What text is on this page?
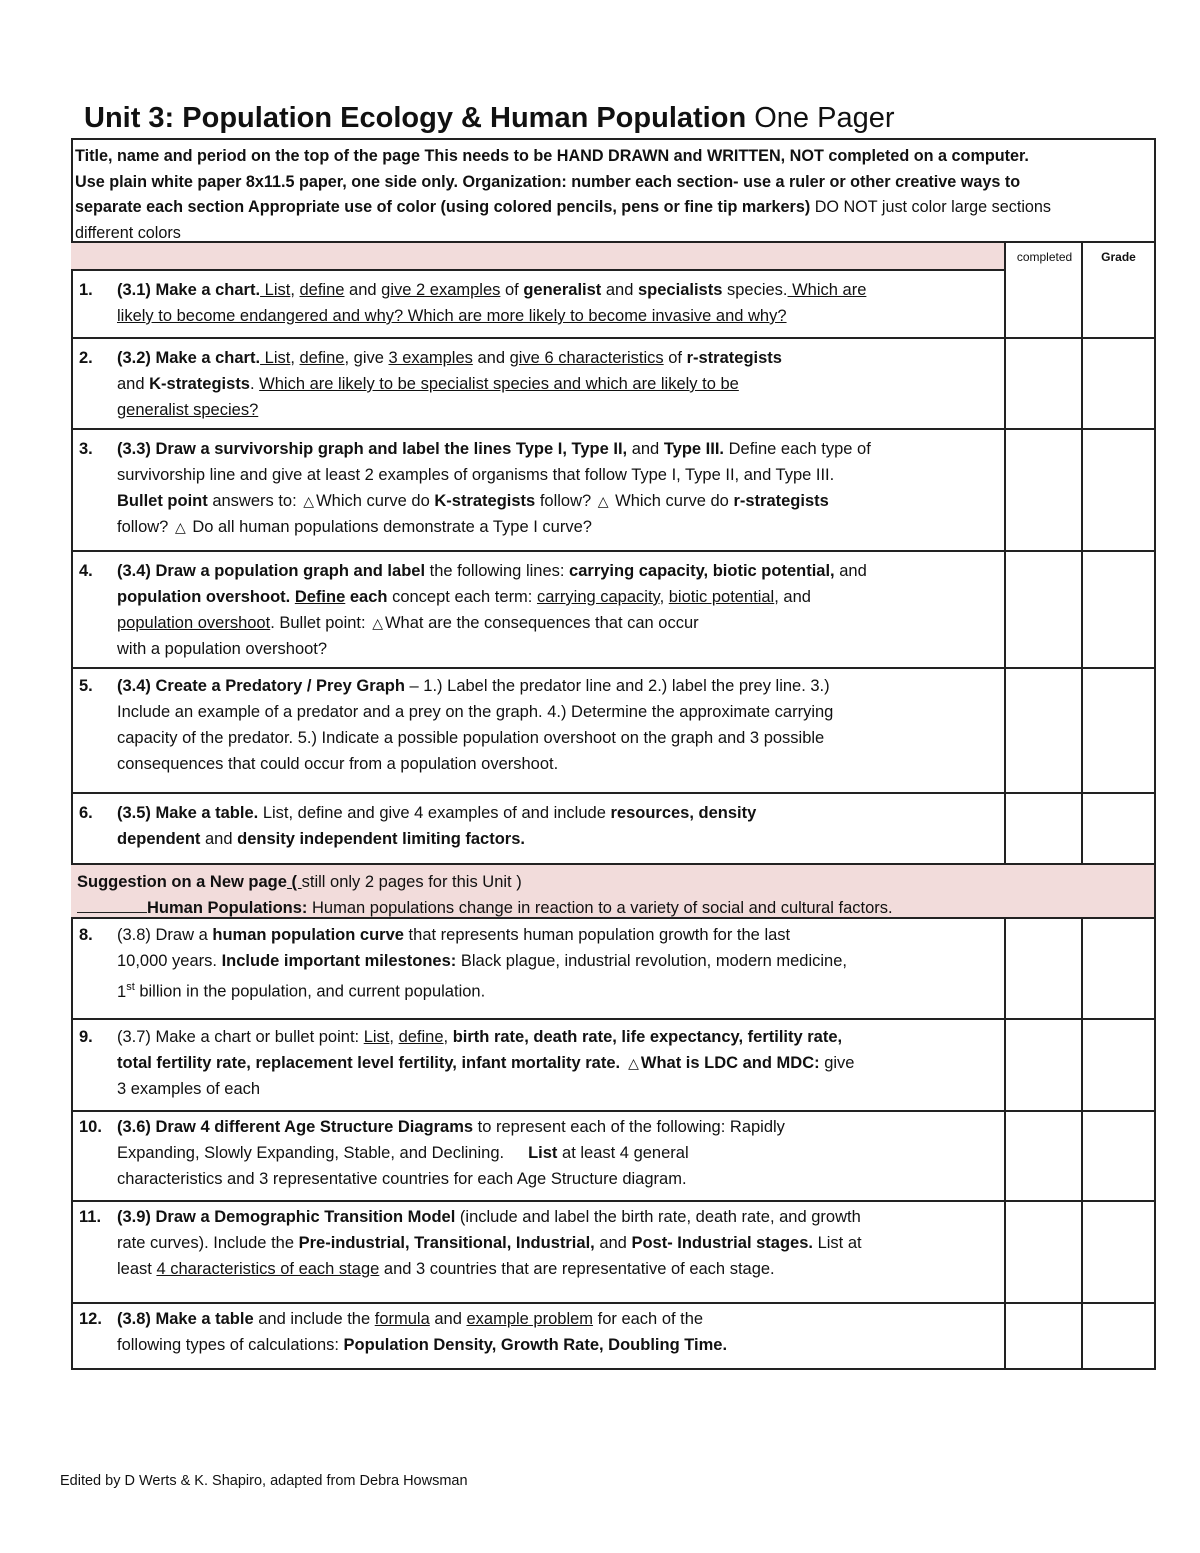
Unit 3: Population Ecology & Human Population One Pager
Title, name and period on the top of the page This needs to be HAND DRAWN and WRITTEN, NOT completed on a computer.
Use plain white paper 8x11.5 paper, one side only. Organization: number each section- use a ruler or other creative ways to
separate each section Appropriate use of color (using colored pencils, pens or fine tip markers) DO NOT just color large sections
different colors
completed	Grade
1. (3.1) Make a chart. List, define and give 2 examples of generalist and specialists species. Which are
likely to become endangered and why? Which are more likely to become invasive and why?
2. (3.2) Make a chart. List, define, give 3 examples and give 6 characteristics of r-strategists
and K-strategists. Which are likely to be specialist species and which are likely to be
generalist species?
3. (3.3) Draw a survivorship graph and label the lines Type I, Type II, and Type III. Define each type of
survivorship line and give at least 2 examples of organisms that follow Type I, Type II, and Type III.
Bullet point answers to: △ Which curve do K-strategists follow? △ Which curve do r-strategists
follow? △ Do all human populations demonstrate a Type I curve?
4. (3.4) Draw a population graph and label the following lines: carrying capacity, biotic potential, and
population overshoot. Define each concept each term: carrying capacity, biotic potential, and
population overshoot. Bullet point: △ What are the consequences that can occur
with a population overshoot?
5. (3.4) Create a Predatory / Prey Graph – 1.) Label the predator line and 2.) label the prey line. 3.)
Include an example of a predator and a prey on the graph. 4.) Determine the approximate carrying
capacity of the predator. 5.) Indicate a possible population overshoot on the graph and 3 possible
consequences that could occur from a population overshoot.
6. (3.5) Make a table. List, define and give 4 examples of and include resources, density
dependent and density independent limiting factors.
Suggestion on a New page ( still only 2 pages for this Unit )
Human Populations: Human populations change in reaction to a variety of social and cultural factors.
8. (3.8) Draw a human population curve that represents human population growth for the last
10,000 years. Include important milestones: Black plague, industrial revolution, modern medicine,
1st billion in the population, and current population.
9. (3.7) Make a chart or bullet point: List, define, birth rate, death rate, life expectancy, fertility rate,
total fertility rate, replacement level fertility, infant mortality rate. △ What is LDC and MDC: give
3 examples of each
10. (3.6) Draw 4 different Age Structure Diagrams to represent each of the following: Rapidly
Expanding, Slowly Expanding, Stable, and Declining. List at least 4 general
characteristics and 3 representative countries for each Age Structure diagram.
11. (3.9) Draw a Demographic Transition Model (include and label the birth rate, death rate, and growth
rate curves). Include the Pre-industrial, Transitional, Industrial, and Post- Industrial stages. List at
least 4 characteristics of each stage and 3 countries that are representative of each stage.
12. (3.8) Make a table and include the formula and example problem for each of the
following types of calculations: Population Density, Growth Rate, Doubling Time.
Edited by D Werts & K. Shapiro, adapted from Debra Howsman
